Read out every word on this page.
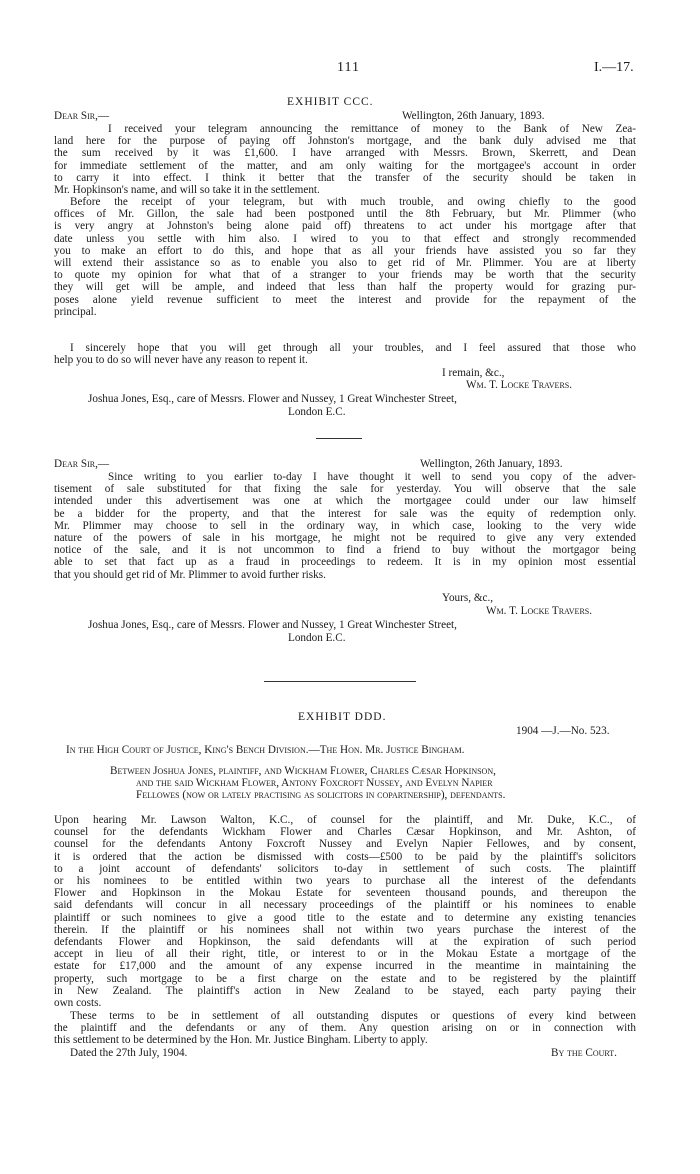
111	I.—17.
EXHIBIT CCC.
Dear Sir,—	Wellington, 26th January, 1893.
I received your telegram announcing the remittance of money to the Bank of New Zea-
land here for the purpose of paying off Johnston's mortgage, and the bank duly advised me that
the sum received by it was £1,600. I have arranged with Messrs. Brown, Skerrett, and Dean
for immediate settlement of the matter, and am only waiting for the mortgagee's account in order
to carry it into effect. I think it better that the transfer of the security should be taken in
Mr. Hopkinson's name, and will so take it in the settlement.
Before the receipt of your telegram, but with much trouble, and owing chiefly to the good
offices of Mr. Gillon, the sale had been postponed until the 8th February, but Mr. Plimmer (who
is very angry at Johnston's being alone paid off) threatens to act under his mortgage after that
date unless you settle with him also. I wired to you to that effect and strongly recommended
you to make an effort to do this, and hope that as all your friends have assisted you so far they
will extend their assistance so as to enable you also to get rid of Mr. Plimmer. You are at liberty
to quote my opinion for what that of a stranger to your friends may be worth that the security
they will get will be ample, and indeed that less than half the property would for grazing pur-
poses alone yield revenue sufficient to meet the interest and provide for the repayment of the
principal.
I sincerely hope that you will get through all your troubles, and I feel assured that those who
help you to do so will never have any reason to repent it.
I remain, &c.,
Wm. T. Locke Travers.
Joshua Jones, Esq., care of Messrs. Flower and Nussey, 1 Great Winchester Street,
London E.C.
Dear Sir,—	Wellington, 26th January, 1893.
Since writing to you earlier to-day I have thought it well to send you copy of the adver-
tisement of sale substituted for that fixing the sale for yesterday. You will observe that the sale
intended under this advertisement was one at which the mortgagee could under our law himself
be a bidder for the property, and that the interest for sale was the equity of redemption only.
Mr. Plimmer may choose to sell in the ordinary way, in which case, looking to the very wide
nature of the powers of sale in his mortgage, he might not be required to give any very extended
notice of the sale, and it is not uncommon to find a friend to buy without the mortgagor being
able to set that fact up as a fraud in proceedings to redeem. It is in my opinion most essential
that you should get rid of Mr. Plimmer to avoid further risks.
Yours, &c.,
Wm. T. Locke Travers.
Joshua Jones, Esq., care of Messrs. Flower and Nussey, 1 Great Winchester Street,
London E.C.
EXHIBIT DDD.
1904 —J.—No. 523.
In the High Court of Justice, King's Bench Division.—The Hon. Mr. Justice Bingham.
Between Joshua Jones, plaintiff, and Wickham Flower, Charles Cæsar Hopkinson,
and the said Wickham Flower, Antony Foxcroft Nussey, and Evelyn Napier
Fellowes (now or lately practising as solicitors in copartnership), defendants.
Upon hearing Mr. Lawson Walton, K.C., of counsel for the plaintiff, and Mr. Duke, K.C., of
counsel for the defendants Wickham Flower and Charles Cæsar Hopkinson, and Mr. Ashton, of
counsel for the defendants Antony Foxcroft Nussey and Evelyn Napier Fellowes, and by consent,
it is ordered that the action be dismissed with costs—£500 to be paid by the plaintiff's solicitors
to a joint account of defendants' solicitors to-day in settlement of such costs. The plaintiff
or his nominees to be entitled within two years to purchase all the interest of the defendants
Flower and Hopkinson in the Mokau Estate for seventeen thousand pounds, and thereupon the
said defendants will concur in all necessary proceedings of the plaintiff or his nominees to enable
plaintiff or such nominees to give a good title to the estate and to determine any existing tenancies
therein. If the plaintiff or his nominees shall not within two years purchase the interest of the
defendants Flower and Hopkinson, the said defendants will at the expiration of such period
accept in lieu of all their right, title, or interest to or in the Mokau Estate a mortgage of the
estate for £17,000 and the amount of any expense incurred in the meantime in maintaining the
property, such mortgage to be a first charge on the estate and to be registered by the plaintiff
in New Zealand. The plaintiff's action in New Zealand to be stayed, each party paying their
own costs.
These terms to be in settlement of all outstanding disputes or questions of every kind between
the plaintiff and the defendants or any of them. Any question arising on or in connection with
this settlement to be determined by the Hon. Mr. Justice Bingham. Liberty to apply.
Dated the 27th July, 1904.	By the Court.
